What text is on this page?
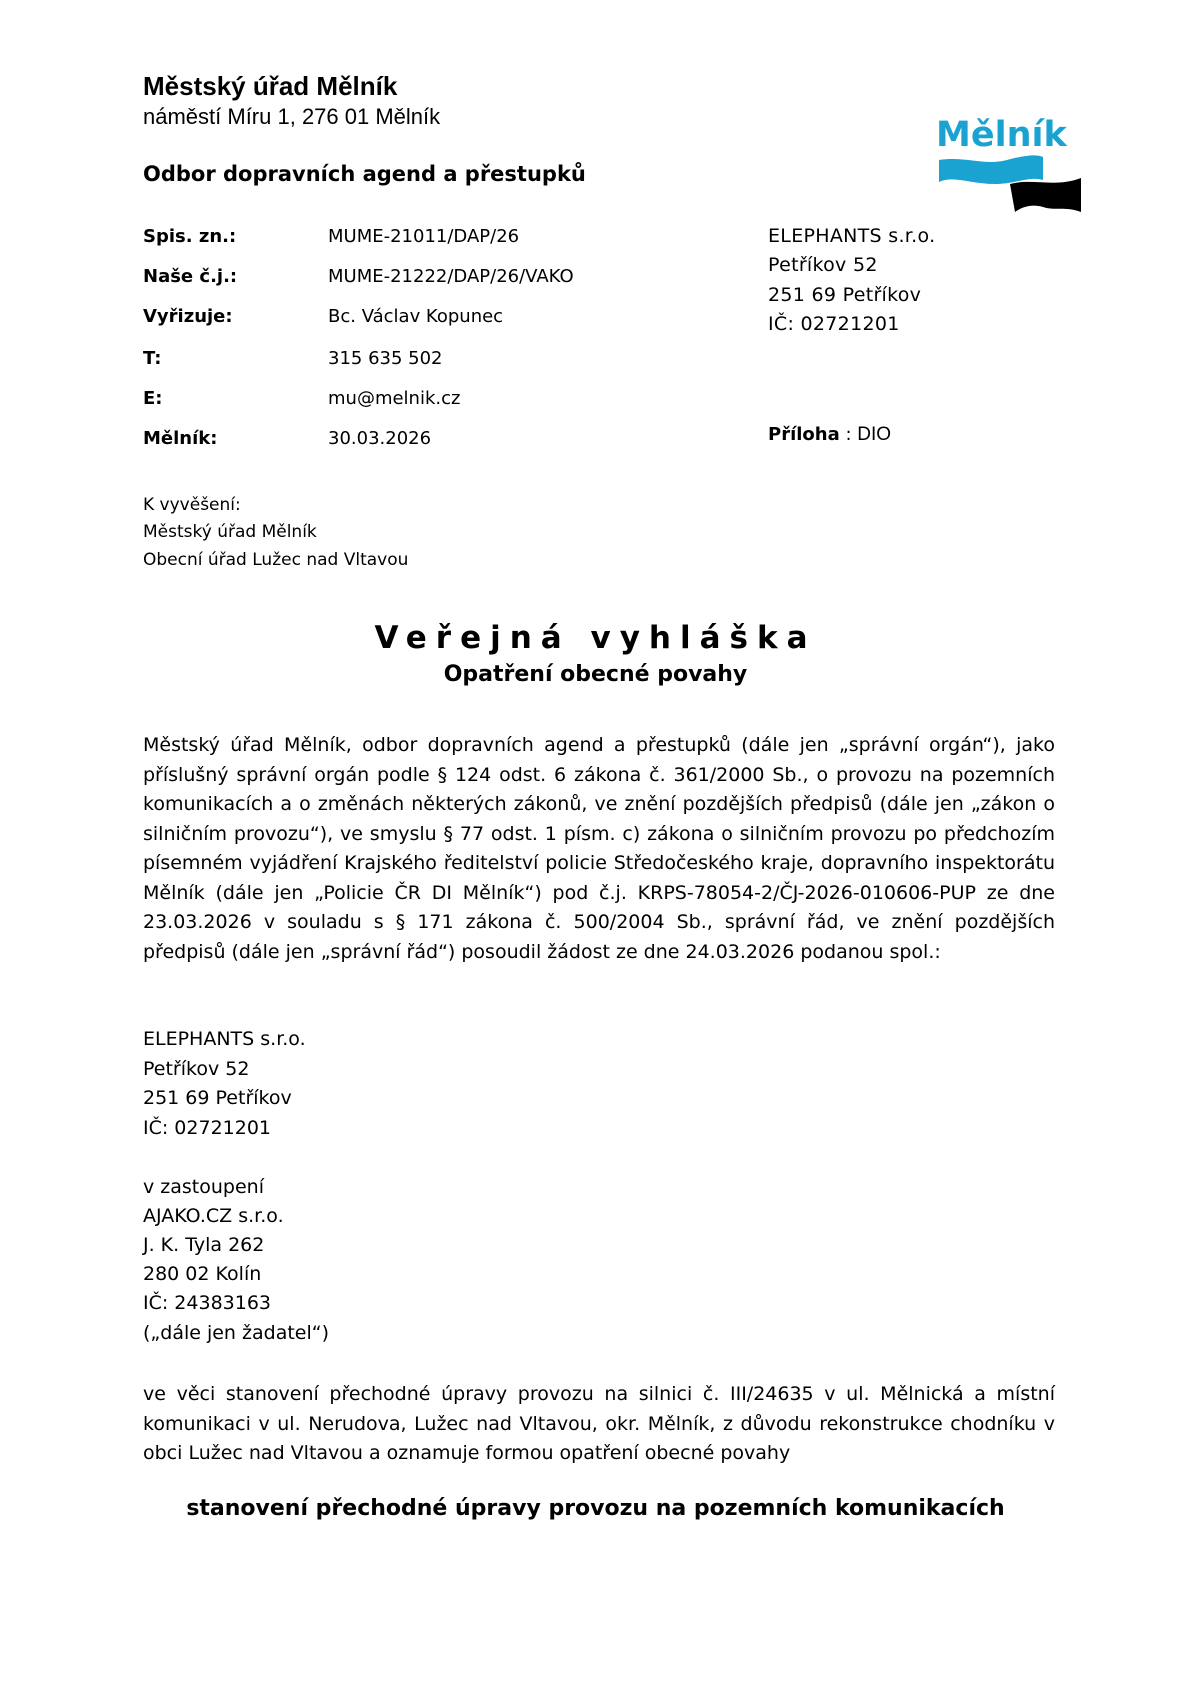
Městský úřad Mělník
náměstí Míru 1, 276 01 Mělník
Odbor dopravních agend a přestupků
Mělník
Spis. zn.:	MUME-21011/DAP/26
Naše č.j.:	MUME-21222/DAP/26/VAKO
Vyřizuje:	Bc. Václav Kopunec
T:	315 635 502
E:	mu@melnik.cz
Mělník:	30.03.2026
ELEPHANTS s.r.o.
Petříkov 52
251 69 Petříkov
IČ: 02721201
Příloha : DIO
K vyvěšení:
Městský úřad Mělník
Obecní úřad Lužec nad Vltavou
Veřejná vyhláška
Opatření obecné povahy
Městský úřad Mělník, odbor dopravních agend a přestupků (dále jen „správní orgán“), jako příslušný správní orgán podle § 124 odst. 6 zákona č. 361/2000 Sb., o provozu na pozemních komunikacích a o změnách některých zákonů, ve znění pozdějších předpisů (dále jen „zákon o silničním provozu“), ve smyslu § 77 odst. 1 písm. c) zákona o silničním provozu po předchozím písemném vyjádření Krajského ředitelství policie Středočeského kraje, dopravního inspektorátu Mělník (dále jen „Policie ČR DI Mělník“) pod č.j. KRPS-78054-2/ČJ-2026-010606-PUP ze dne 23.03.2026 v souladu s § 171 zákona č. 500/2004 Sb., správní řád, ve znění pozdějších předpisů (dále jen „správní řád“) posoudil žádost ze dne 24.03.2026 podanou spol.:
ELEPHANTS s.r.o.
Petříkov 52
251 69 Petříkov
IČ: 02721201
v zastoupení
AJAKO.CZ s.r.o.
J. K. Tyla 262
280 02 Kolín
IČ: 24383163
(„dále jen žadatel“)
ve věci stanovení přechodné úpravy provozu na silnici č. III/24635 v ul. Mělnická a místní komunikaci v ul. Nerudova, Lužec nad Vltavou, okr. Mělník, z důvodu rekonstrukce chodníku v obci Lužec nad Vltavou a oznamuje formou opatření obecné povahy
stanovení přechodné úpravy provozu na pozemních komunikacích
